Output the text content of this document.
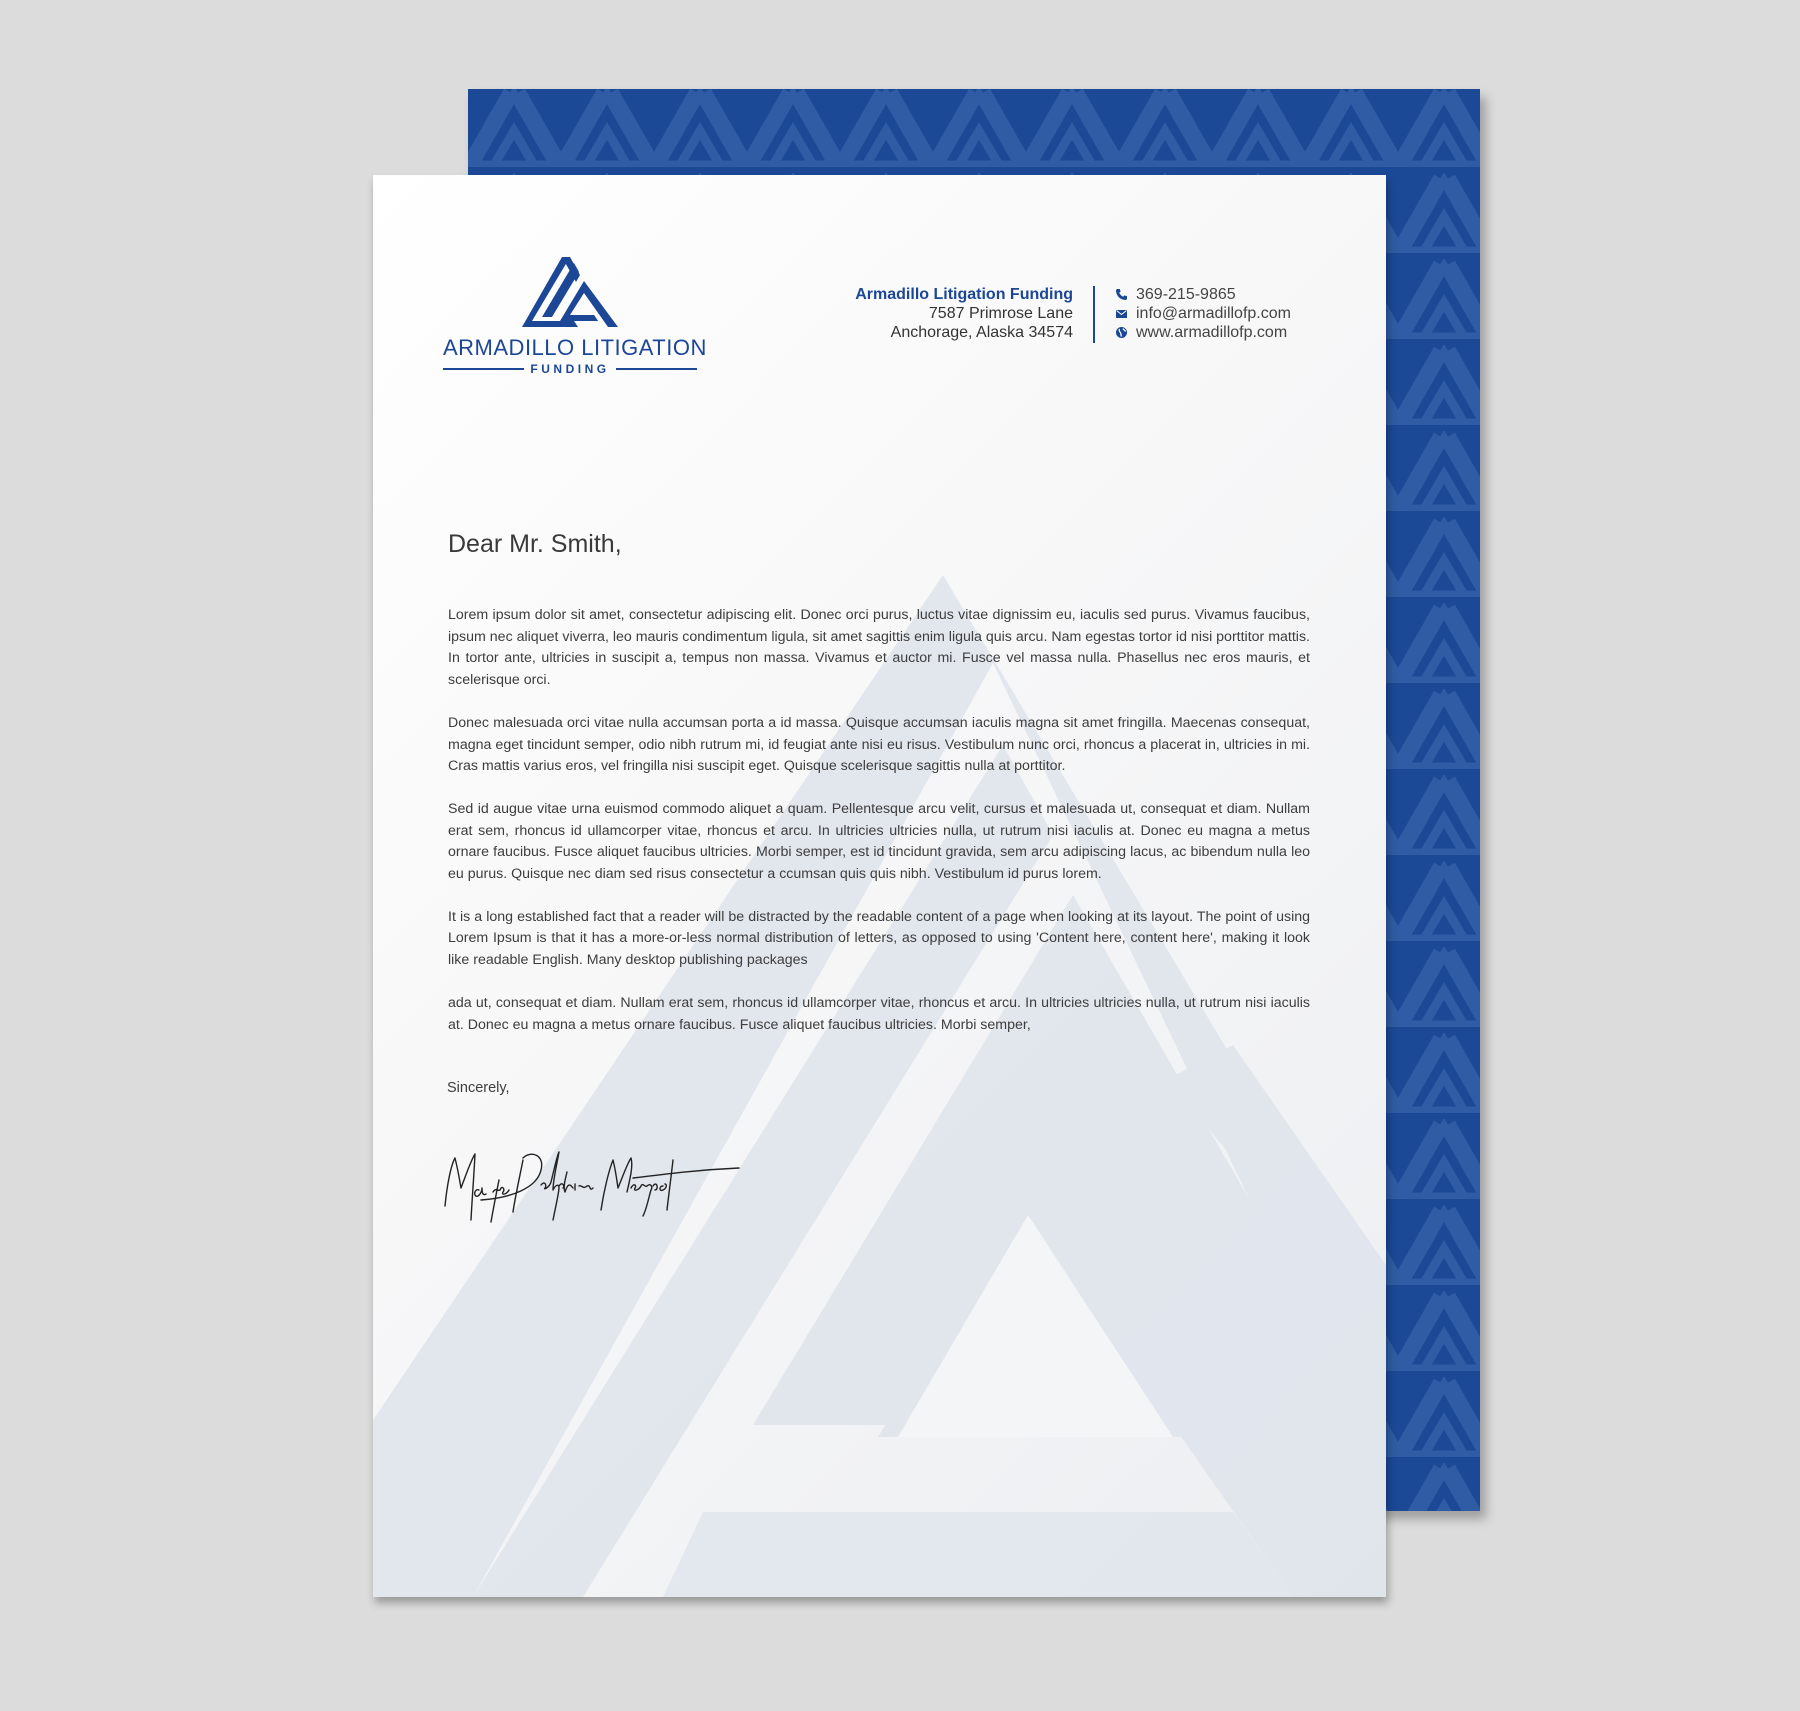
ARMADILLO LITIGATION
FUNDING
Armadillo Litigation Funding
7587 Primrose Lane
Anchorage, Alaska 34574
369-215-9865
info@armadillofp.com
www.armadillofp.com
Dear Mr. Smith,

Lorem ipsum dolor sit amet, consectetur adipiscing elit. Donec orci purus, luctus vitae dignissim eu, iaculis sed purus. Vivamus faucibus, ipsum nec aliquet viverra, leo mauris condimentum ligula, sit amet sagittis enim ligula quis arcu. Nam egestas tortor id nisi porttitor mattis. In tortor ante, ultricies in suscipit a, tempus non massa. Vivamus et auctor mi. Fusce vel massa nulla. Phasellus nec eros mauris, et scelerisque orci.

Donec malesuada orci vitae nulla accumsan porta a id massa. Quisque accumsan iaculis magna sit amet fringilla. Maecenas consequat, magna eget tincidunt semper, odio nibh rutrum mi, id feugiat ante nisi eu risus. Vestibulum nunc orci, rhoncus a placerat in, ultricies in mi. Cras mattis varius eros, vel fringilla nisi suscipit eget. Quisque scelerisque sagittis nulla at porttitor.

Sed id augue vitae urna euismod commodo aliquet a quam. Pellentesque arcu velit, cursus et malesuada ut, consequat et diam. Nullam erat sem, rhoncus id ullamcorper vitae, rhoncus et arcu. In ultricies ultricies nulla, ut rutrum nisi iaculis at. Donec eu magna a metus ornare faucibus. Fusce aliquet faucibus ultricies. Morbi semper, est id tincidunt gravida, sem arcu adipiscing lacus, ac bibendum nulla leo eu purus. Quisque nec diam sed risus consectetur a ccumsan quis quis nibh. Vestibulum id purus lorem.

It is a long established fact that a reader will be distracted by the readable content of a page when looking at its layout. The point of using Lorem Ipsum is that it has a more-or-less normal distribution of letters, as opposed to using 'Content here, content here', making it look like readable English. Many desktop publishing packages

ada ut, consequat et diam. Nullam erat sem, rhoncus id ullamcorper vitae, rhoncus et arcu. In ultricies ultricies nulla, ut rutrum nisi iaculis at. Donec eu magna a metus ornare faucibus. Fusce aliquet faucibus ultricies. Morbi semper,

Sincerely,
